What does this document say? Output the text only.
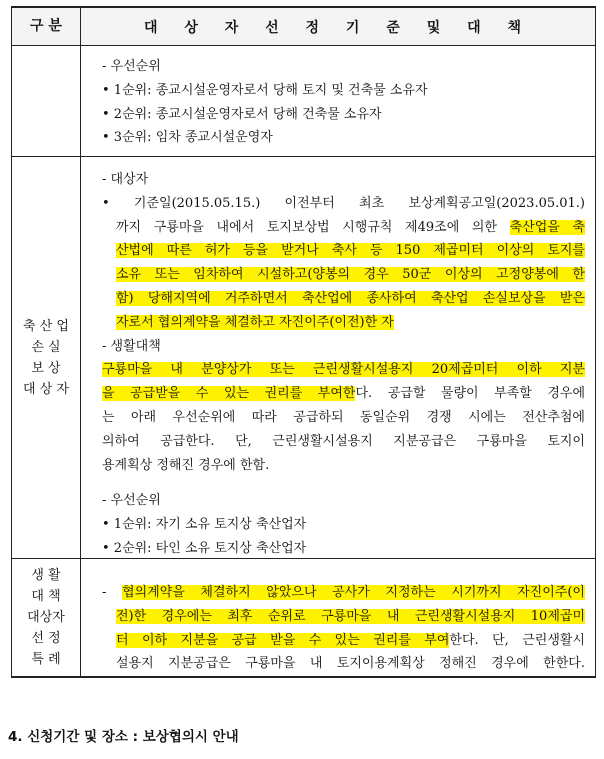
구 분	대 상 자 선 정 기 준 및 대 책
- 우선순위
• 1순위: 종교시설운영자로서 당해 토지 및 건축물 소유자
• 2순위: 종교시설운영자로서 당해 건축물 소유자
• 3순위: 임차 종교시설운영자
축 산 업
손 실
보 상
대 상 자
- 대상자
• 기준일(2015.05.15.) 이전부터 최초 보상계획공고일(2023.05.01.)
까지 구룡마을 내에서 토지보상법 시행규칙 제49조에 의한 축산업을 축
산법에 따른 허가 등을 받거나 축사 등 150 제곱미터 이상의 토지를
소유 또는 임차하여 시설하고(양봉의 경우 50군 이상의 고정양봉에 한
함) 당해지역에 거주하면서 축산업에 종사하여 축산업 손실보상을 받은
자로서 협의계약을 체결하고 자진이주(이전)한 자
- 생활대책
구룡마을 내 분양상가 또는 근린생활시설용지 20제곱미터 이하 지분
을 공급받을 수 있는 권리를 부여한다. 공급할 물량이 부족할 경우에
는 아래 우선순위에 따라 공급하되 동일순위 경쟁 시에는 전산추첨에
의하여 공급한다. 단, 근린생활시설용지 지분공급은 구룡마을 토지이
용계획상 정해진 경우에 한함.
- 우선순위
• 1순위: 자기 소유 토지상 축산업자
• 2순위: 타인 소유 토지상 축산업자
생 활
대 책
대상자
선 정
특 례
- 협의계약을 체결하지 않았으나 공사가 지정하는 시기까지 자진이주(이
전)한 경우에는 최후 순위로 구룡마을 내 근린생활시설용지 10제곱미
터 이하 지분을 공급 받을 수 있는 권리를 부여한다. 단, 근린생활시
설용지 지분공급은 구룡마을 내 토지이용계획상 정해진 경우에 한한다.
4. 신청기간 및 장소 : 보상협의시 안내
